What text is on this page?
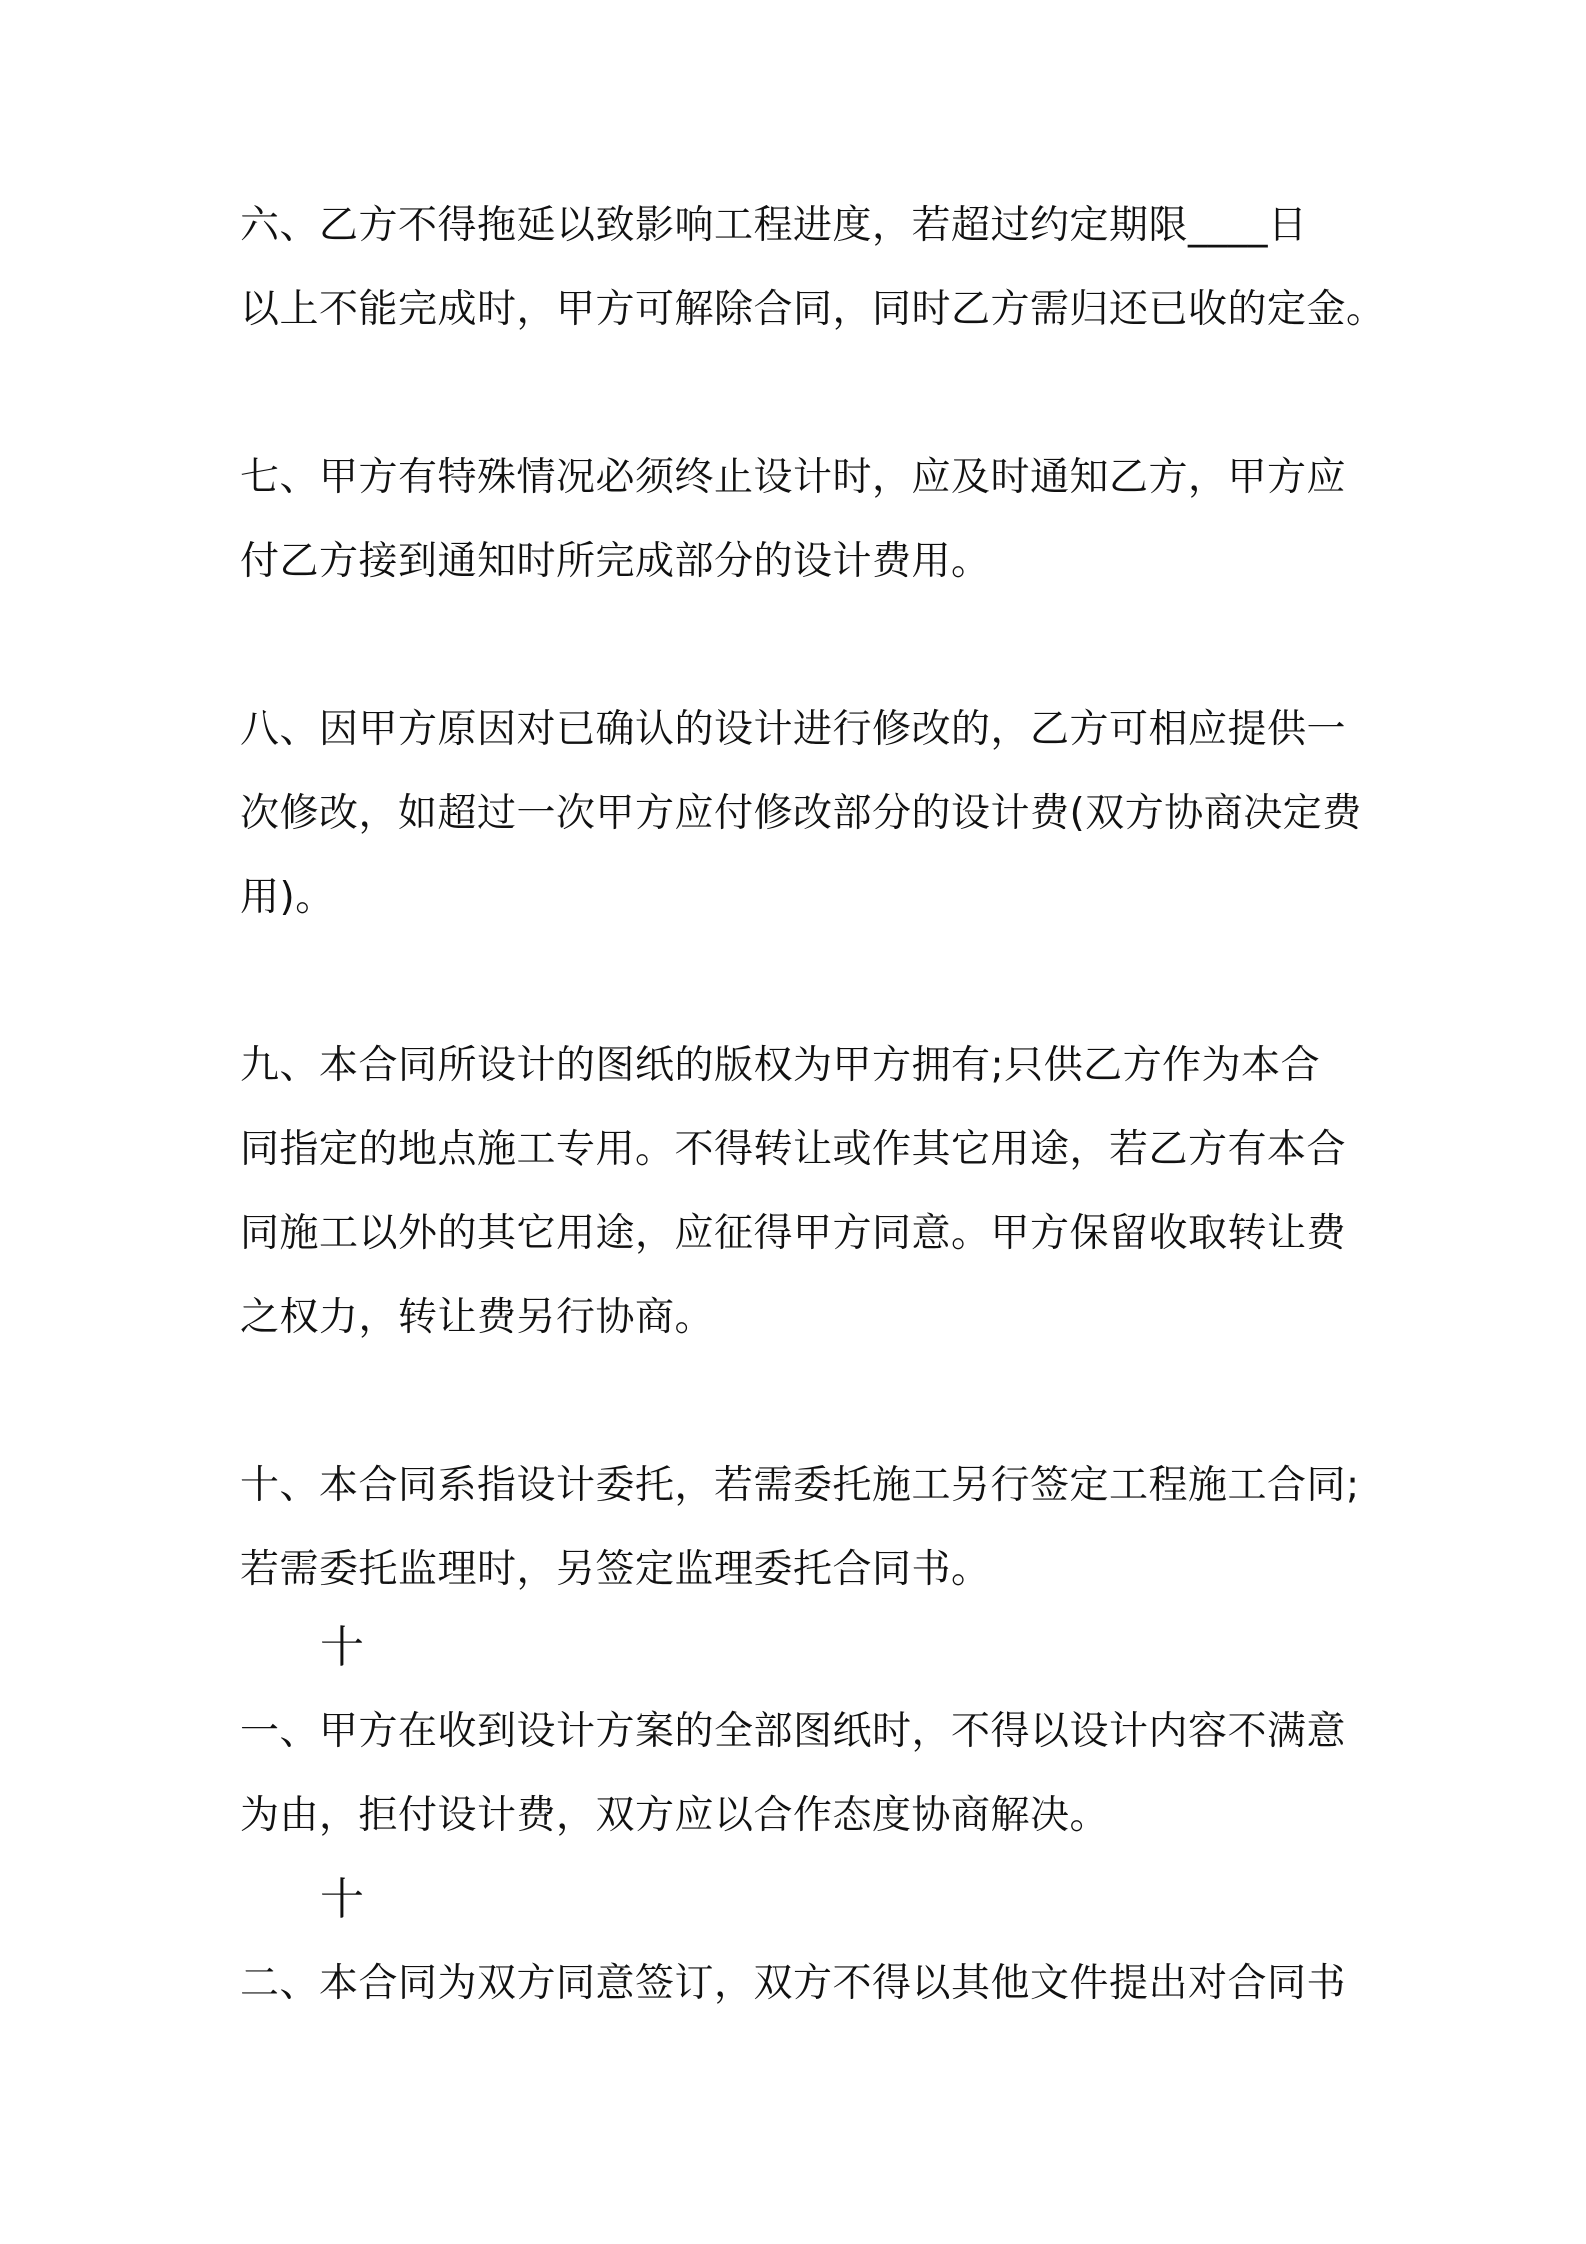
六、乙方不得拖延以致影响工程进度，若超过约定期限____日
以上不能完成时，甲方可解除合同，同时乙方需归还已收的定金。
七、甲方有特殊情况必须终止设计时，应及时通知乙方，甲方应
付乙方接到通知时所完成部分的设计费用。
八、因甲方原因对已确认的设计进行修改的，乙方可相应提供一
次修改，如超过一次甲方应付修改部分的设计费(双方协商决定费
用)。
九、本合同所设计的图纸的版权为甲方拥有;只供乙方作为本合
同指定的地点施工专用。不得转让或作其它用途，若乙方有本合
同施工以外的其它用途，应征得甲方同意。甲方保留收取转让费
之权力，转让费另行协商。
十、本合同系指设计委托，若需委托施工另行签定工程施工合同;
若需委托监理时，另签定监理委托合同书。
十
一、甲方在收到设计方案的全部图纸时，不得以设计内容不满意
为由，拒付设计费，双方应以合作态度协商解决。
十
二、本合同为双方同意签订，双方不得以其他文件提出对合同书
